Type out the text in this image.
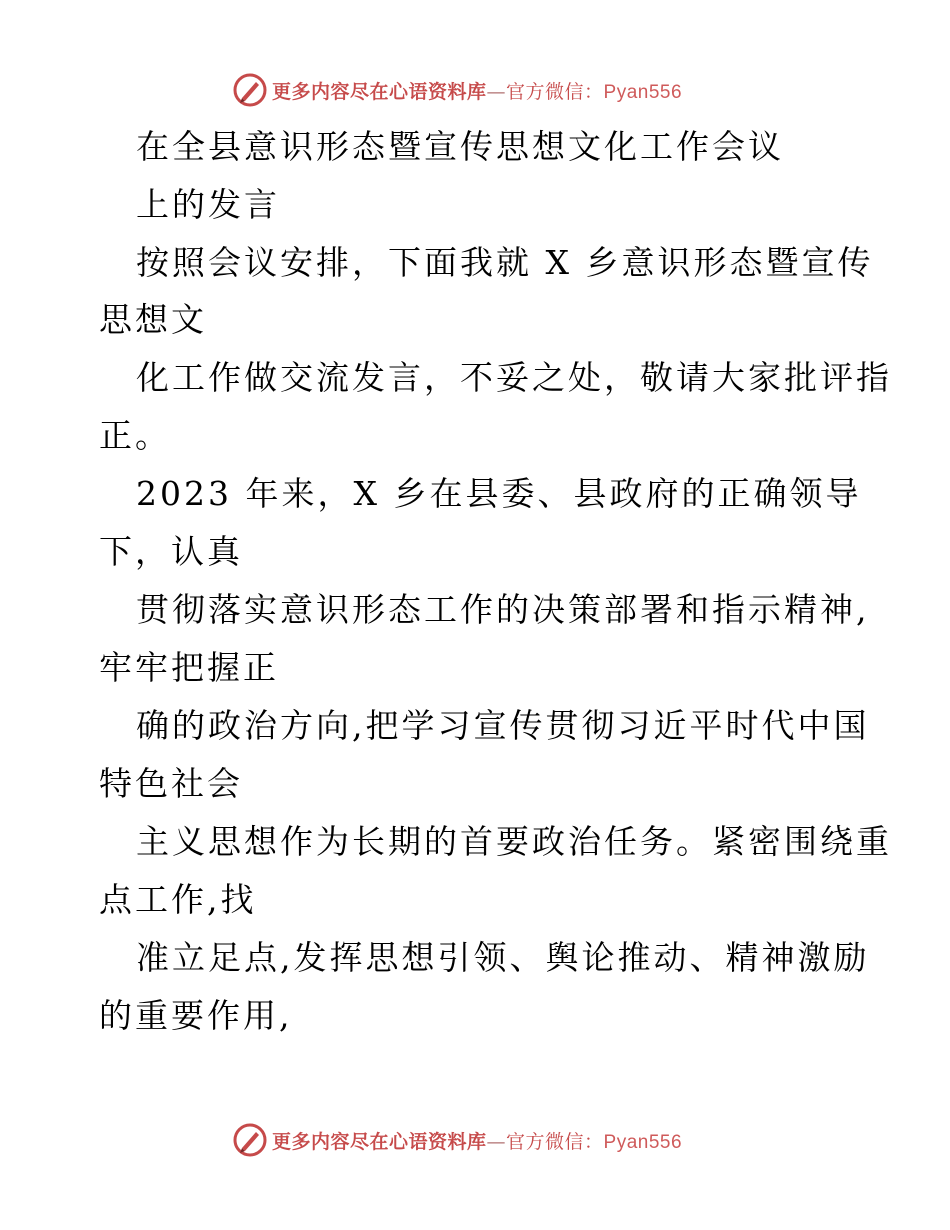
更多内容尽在心语资料库—官方微信：Pyan556
在全县意识形态暨宣传思想文化工作会议
上的发言
按照会议安排，下面我就 X 乡意识形态暨宣传
思想文
化工作做交流发言，不妥之处，敬请大家批评指
正。
2023 年来，X 乡在县委、县政府的正确领导
下，认真
贯彻落实意识形态工作的决策部署和指示精神,
牢牢把握正
确的政治方向,把学习宣传贯彻习近平时代中国
特色社会
主义思想作为长期的首要政治任务。紧密围绕重
点工作,找
准立足点,发挥思想引领、舆论推动、精神激励
的重要作用,
更多内容尽在心语资料库—官方微信：Pyan556
